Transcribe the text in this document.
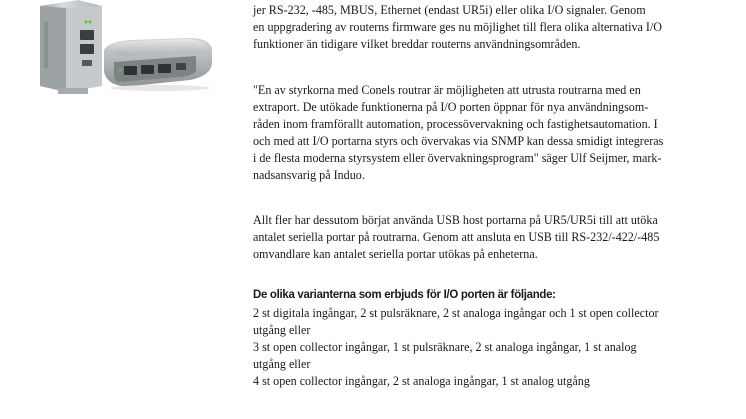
jer RS-232, -485, MBUS, Ethernet (endast UR5i) eller olika I/O signaler. Genom
en uppgradering av routerns firmware ges nu möjlighet till flera olika alternativa I/O
funktioner än tidigare vilket breddar routerns användningsområden.

"En av styrkorna med Conels routrar är möjligheten att utrusta routrarna med en
extraport. De utökade funktionerna på I/O porten öppnar för nya användningsom-
råden inom framförallt automation, processövervakning och fastighetsautomation. I
och med att I/O portarna styrs och övervakas via SNMP kan dessa smidigt integreras
i de flesta moderna styrsystem eller övervakningsprogram" säger Ulf Seijmer, mark-
nadsansvarig på Induo.

Allt fler har dessutom börjat använda USB host portarna på UR5/UR5i till att utöka
antalet seriella portar på routrarna. Genom att ansluta en USB till RS-232/-422/-485
omvandlare kan antalet seriella portar utökas på enheterna.

De olika varianterna som erbjuds för I/O porten är följande:
2 st digitala ingångar, 2 st pulsräknare, 2 st analoga ingångar och 1 st open collector
utgång eller
3 st open collector ingångar, 1 st pulsräknare, 2 st analoga ingångar, 1 st analog
utgång eller
4 st open collector ingångar, 2 st analoga ingångar, 1 st analog utgång
